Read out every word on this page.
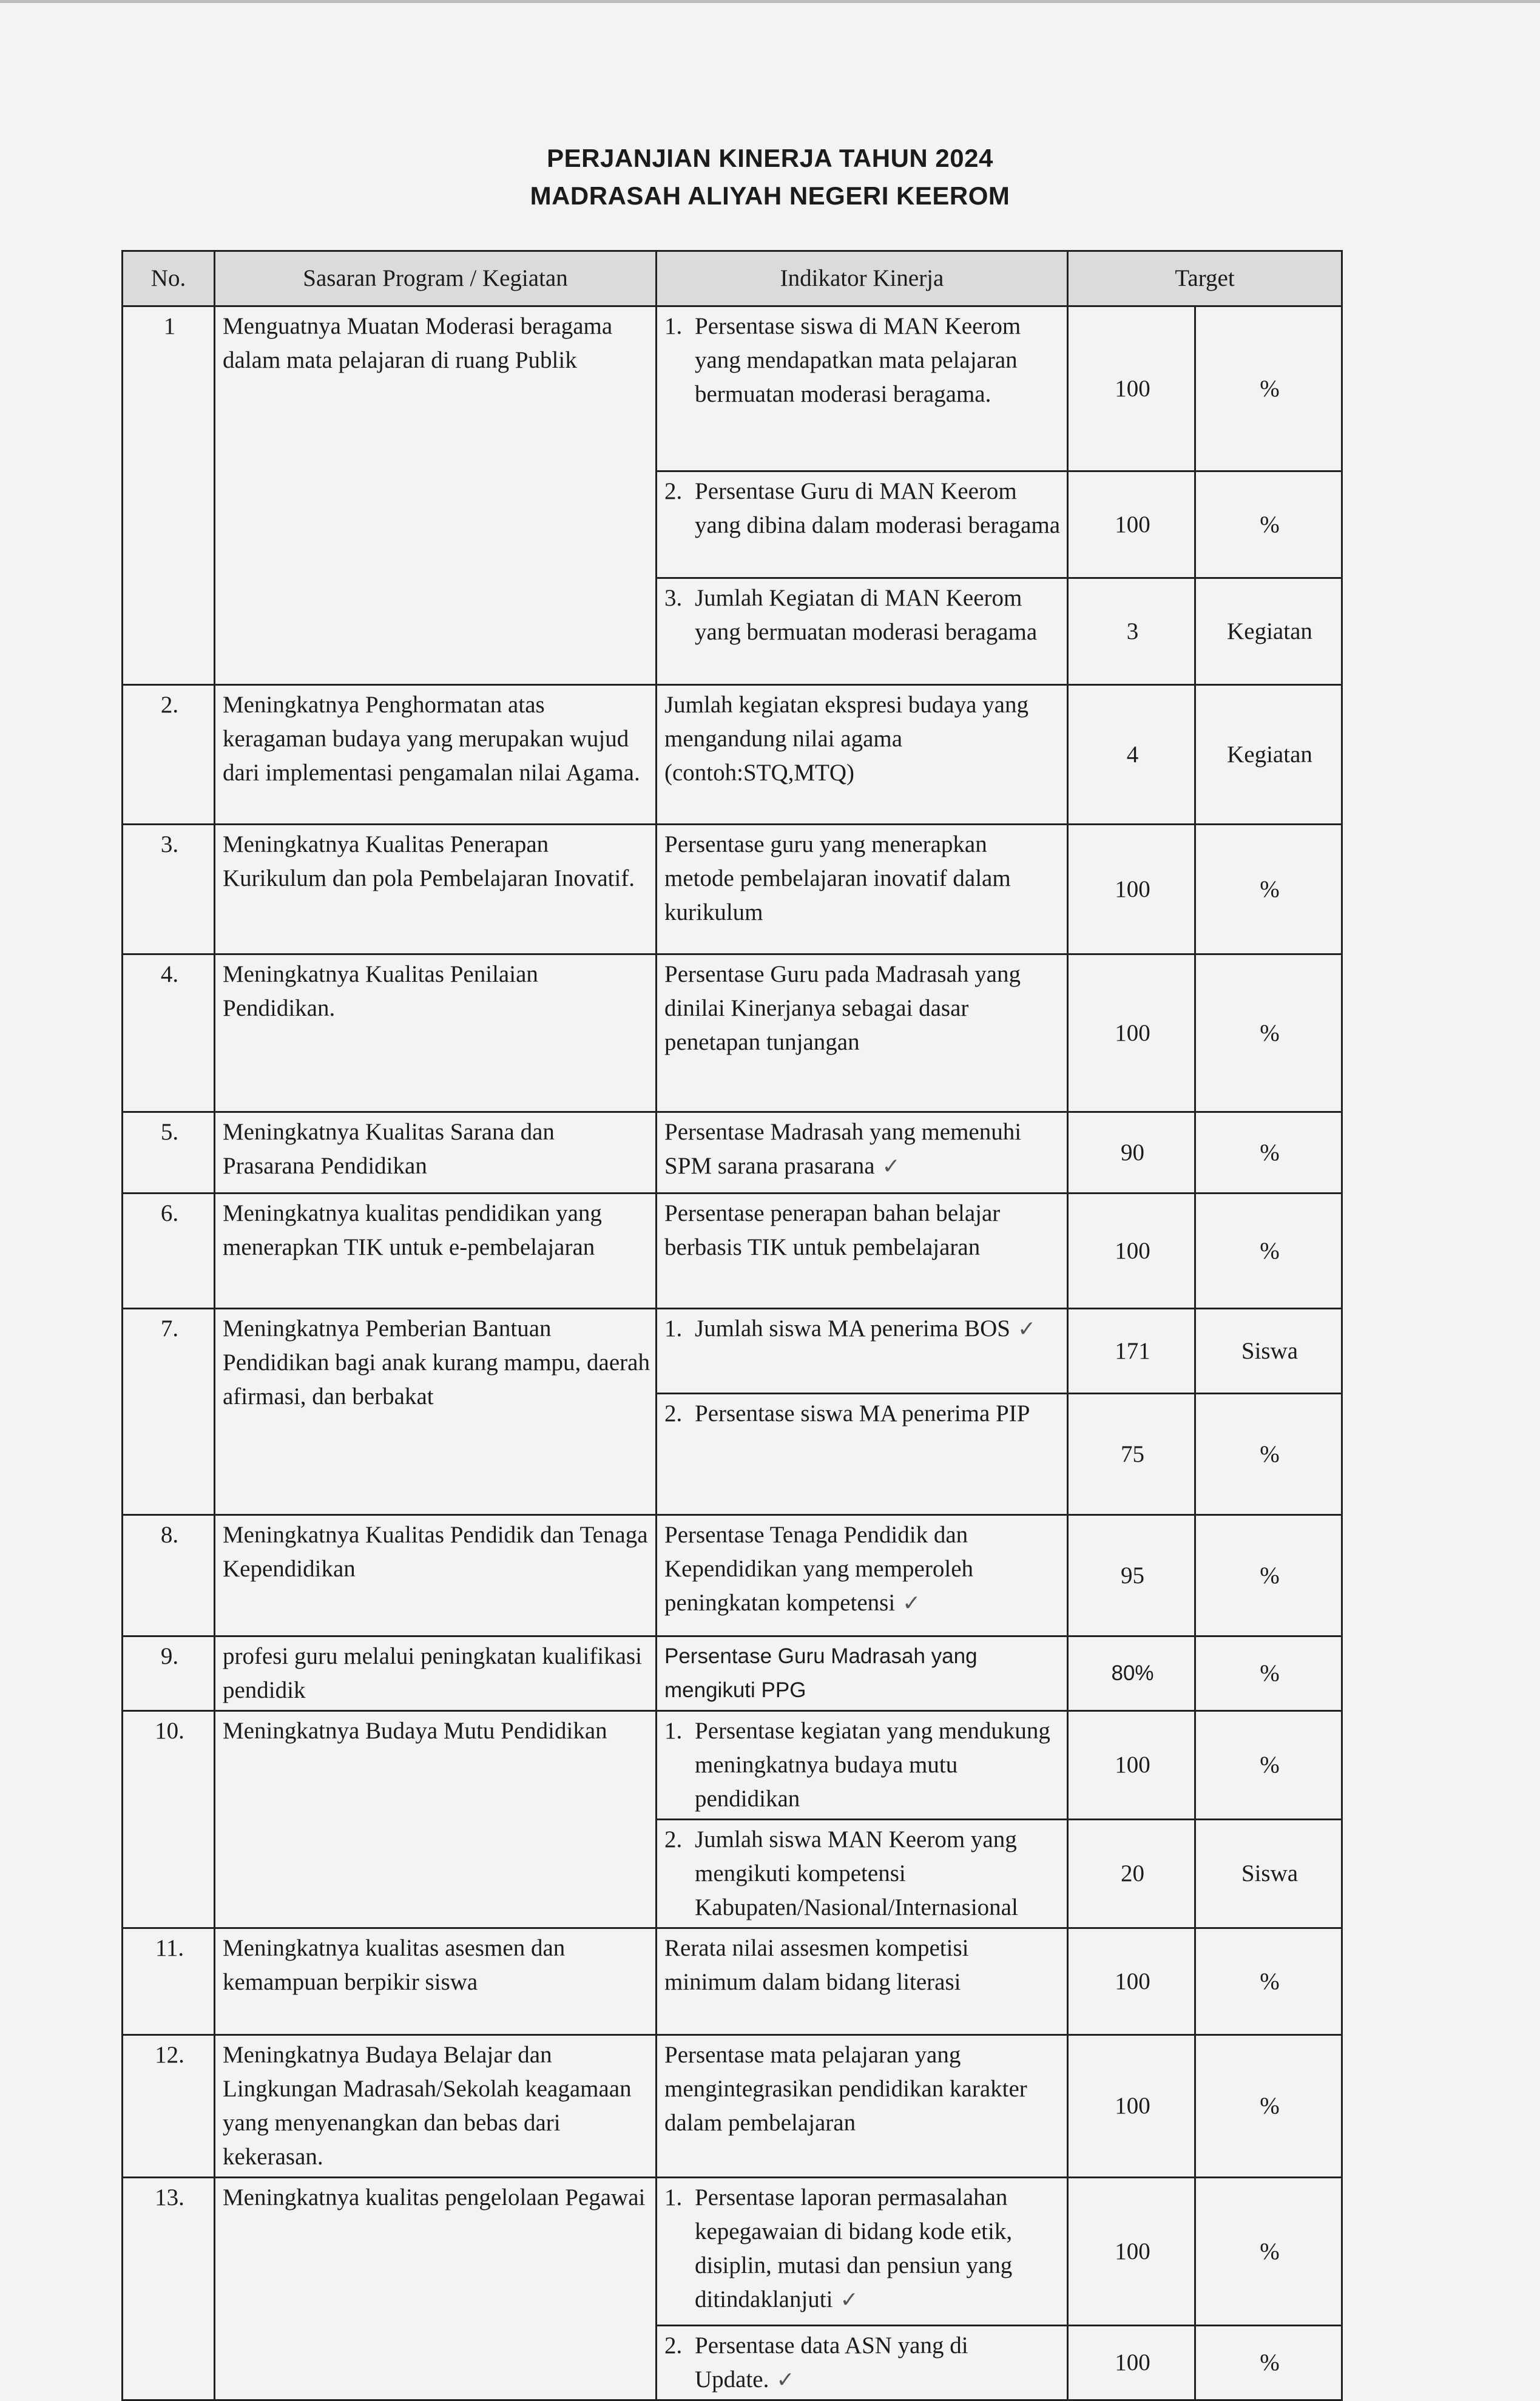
PERJANJIAN KINERJA TAHUN 2024
MADRASAH ALIYAH NEGERI KEEROM
No.	Sasaran Program / Kegiatan	Indikator Kinerja	Target	
1	Menguatnya Muatan Moderasi beragama dalam mata pelajaran di ruang Publik	1. Persentase siswa di MAN Keerom yang mendapatkan mata pelajaran bermuatan moderasi beragama.	100	%

		2. Persentase Guru di MAN Keerom yang dibina dalam moderasi beragama	100	%

		3. Jumlah Kegiatan di MAN Keerom yang bermuatan moderasi beragama	3	Kegiatan
2.	Meningkatnya Penghormatan atas keragaman budaya yang merupakan wujud dari implementasi pengamalan nilai Agama.	Jumlah kegiatan ekspresi budaya yang mengandung nilai agama (contoh:STQ,MTQ)	4	Kegiatan
3.	Meningkatnya Kualitas Penerapan Kurikulum dan pola Pembelajaran Inovatif.	Persentase guru yang menerapkan metode pembelajaran inovatif dalam kurikulum	100	%
4.	Meningkatnya Kualitas Penilaian Pendidikan.	Persentase Guru pada Madrasah yang dinilai Kinerjanya sebagai dasar penetapan tunjangan	100	%
5.	Meningkatnya Kualitas Sarana dan Prasarana Pendidikan	Persentase Madrasah yang memenuhi SPM sarana prasarana ✓	90	%
6.	Meningkatnya kualitas pendidikan yang menerapkan TIK untuk e-pembelajaran	Persentase penerapan bahan belajar berbasis TIK untuk pembelajaran	100	%
7.	Meningkatnya Pemberian Bantuan Pendidikan bagi anak kurang mampu, daerah afirmasi, dan berbakat	1. Jumlah siswa MA penerima BOS ✓	171	Siswa

		2. Persentase siswa MA penerima PIP	75	%
8.	Meningkatnya Kualitas Pendidik dan Tenaga Kependidikan	Persentase Tenaga Pendidik dan Kependidikan yang memperoleh peningkatan kompetensi ✓	95	%
9.	profesi guru melalui peningkatan kualifikasi pendidik	Persentase Guru Madrasah yang mengikuti PPG	80%	%
10.	Meningkatnya Budaya Mutu Pendidikan	1. Persentase kegiatan yang mendukung meningkatnya budaya mutu pendidikan	100	%

		2. Jumlah siswa MAN Keerom yang mengikuti kompetensi Kabupaten/Nasional/Internasional	20	Siswa
11.	Meningkatnya kualitas asesmen dan kemampuan berpikir siswa	Rerata nilai assesmen kompetisi minimum dalam bidang literasi	100	%
12.	Meningkatnya Budaya Belajar dan Lingkungan Madrasah/Sekolah keagamaan yang menyenangkan dan bebas dari kekerasan.	Persentase mata pelajaran yang mengintegrasikan pendidikan karakter dalam pembelajaran	100	%
13.	Meningkatnya kualitas pengelolaan Pegawai	1. Persentase laporan permasalahan kepegawaian di bidang kode etik, disiplin, mutasi dan pensiun yang ditindaklanjuti ✓	100	%

		2. Persentase data ASN yang di Update. ✓	100	%
